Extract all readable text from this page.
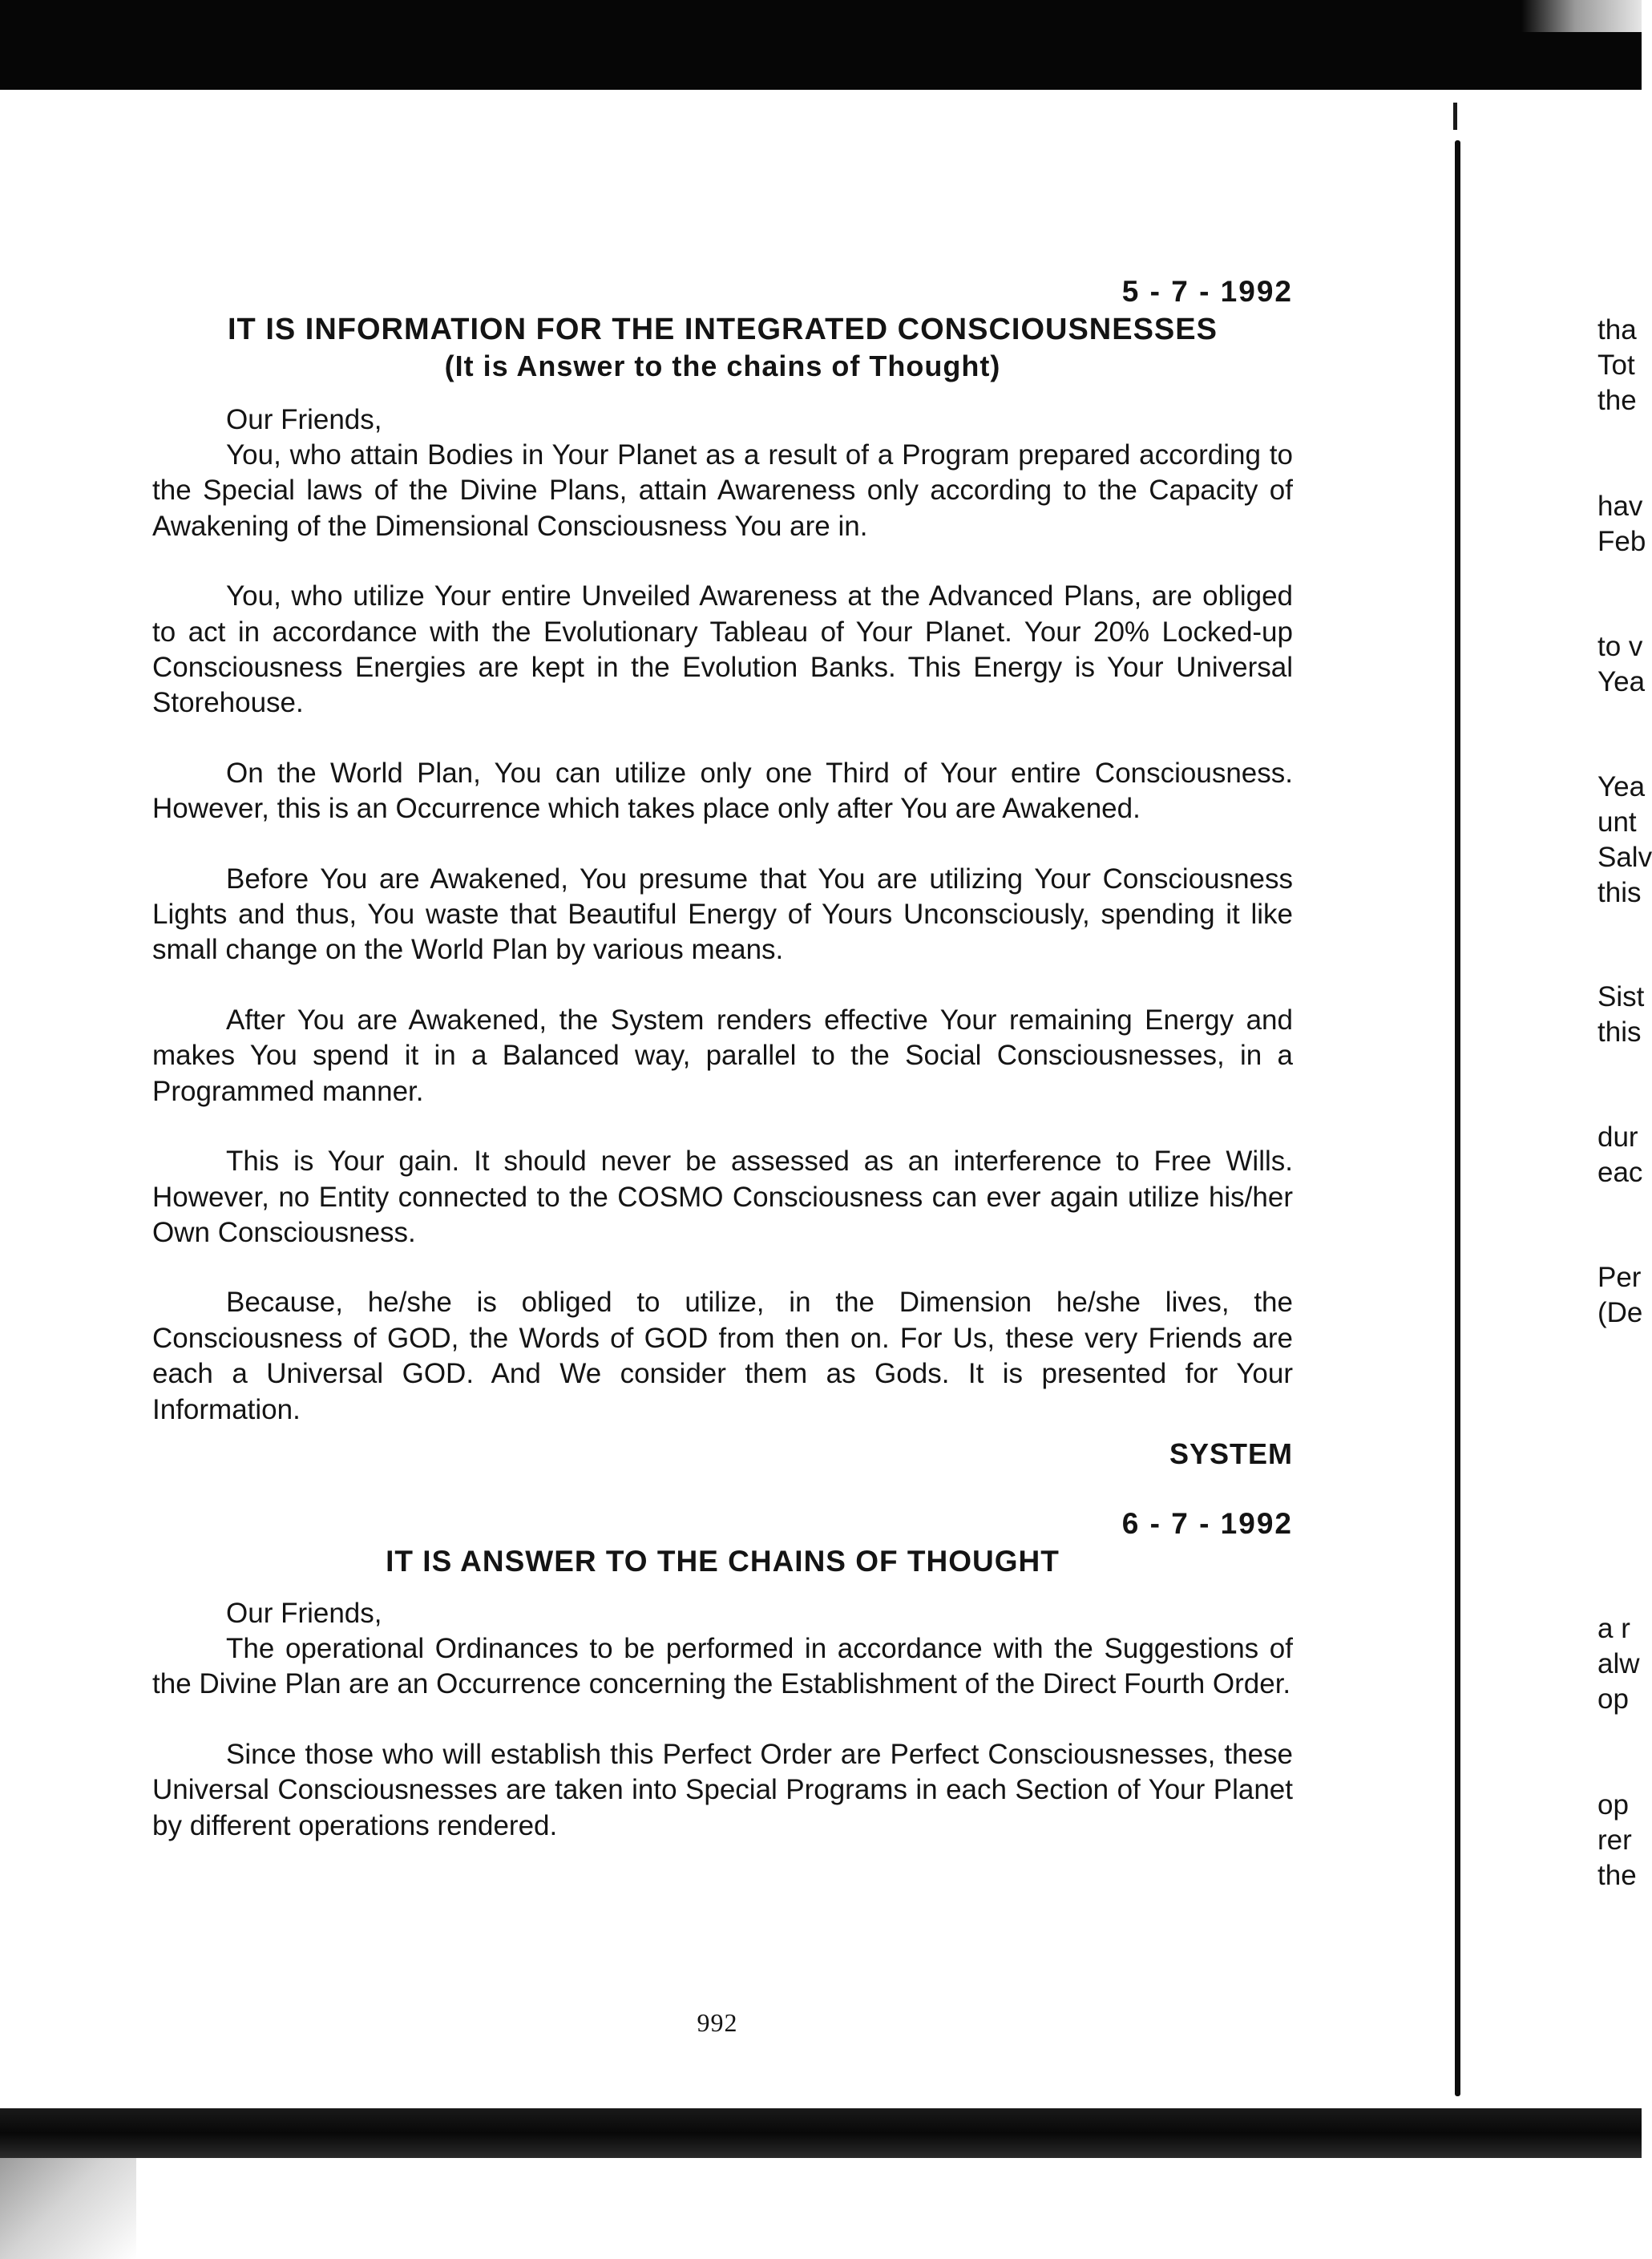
5 - 7 - 1992
IT IS INFORMATION FOR THE INTEGRATED CONSCIOUSNESSES
(It is Answer to the chains of Thought)
Our Friends,

You, who attain Bodies in Your Planet as a result of a Program prepared according to the Special laws of the Divine Plans, attain Awareness only according to the Capacity of Awakening of the Dimensional Consciousness You are in.

You, who utilize Your entire Unveiled Awareness at the Advanced Plans, are obliged to act in accordance with the Evolutionary Tableau of Your Planet. Your 20% Locked-up Consciousness Energies are kept in the Evolution Banks. This Energy is Your Universal Storehouse.

On the World Plan, You can utilize only one Third of Your entire Consciousness. However, this is an Occurrence which takes place only after You are Awakened.

Before You are Awakened, You presume that You are utilizing Your Consciousness Lights and thus, You waste that Beautiful Energy of Yours Unconsciously, spending it like small change on the World Plan by various means.

After You are Awakened, the System renders effective Your remaining Energy and makes You spend it in a Balanced way, parallel to the Social Consciousnesses, in a Programmed manner.

This is Your gain. It should never be assessed as an interference to Free Wills. However, no Entity connected to the COSMO Consciousness can ever again utilize his/her Own Consciousness.

Because, he/she is obliged to utilize, in the Dimension he/she lives, the Consciousness of GOD, the Words of GOD from then on. For Us, these very Friends are each a Universal GOD. And We consider them as Gods. It is presented for Your Information.

SYSTEM
6 - 7 - 1992
IT IS ANSWER TO THE CHAINS OF THOUGHT
Our Friends,

The operational Ordinances to be performed in accordance with the Suggestions of the Divine Plan are an Occurrence concerning the Establishment of the Direct Fourth Order.

Since those who will establish this Perfect Order are Perfect Consciousnesses, these Universal Consciousnesses are taken into Special Programs in each Section of Your Planet by different operations rendered.

992
tha
Tot
the
hav
Feb
to v
Yea
Yea
unt
Salv
this
Sist
this
dur
eac
Per
(De
a r
alw
op
op
rer
the
